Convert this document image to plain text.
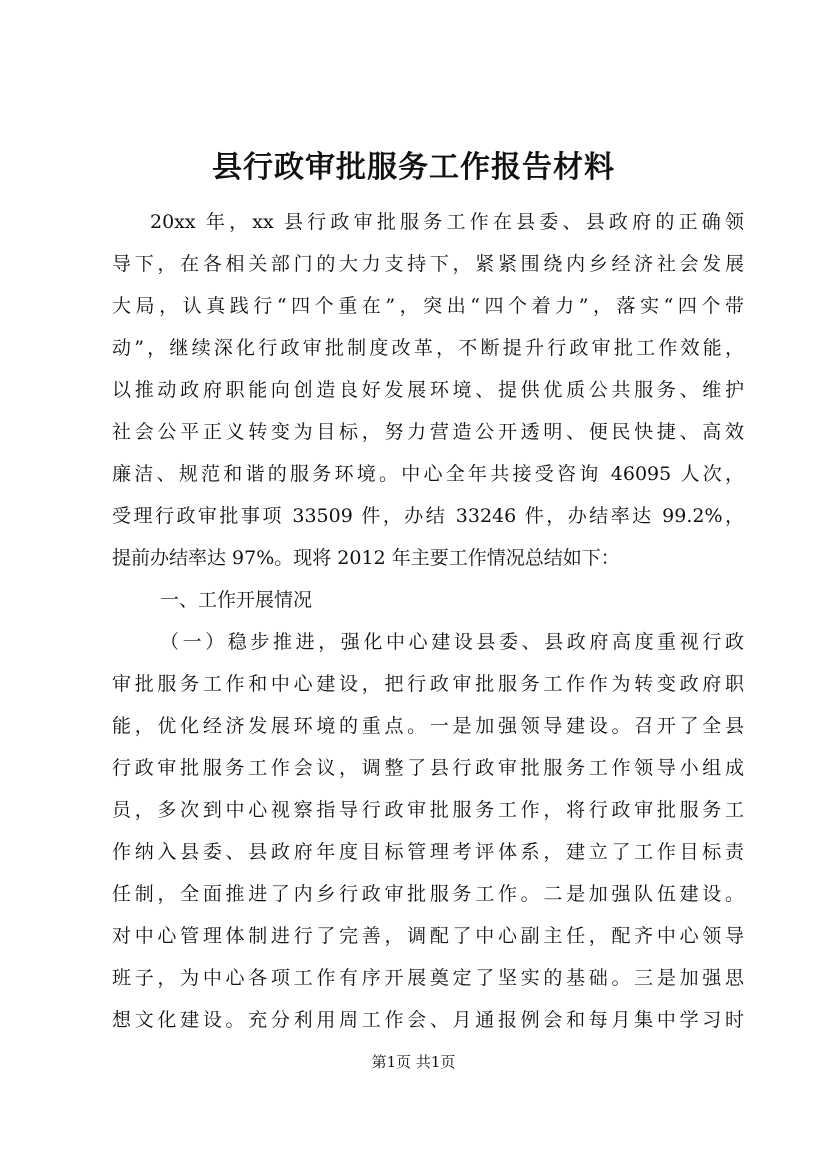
县行政审批服务工作报告材料
20xx 年，xx 县行政审批服务工作在县委、县政府的正确领
导下，在各相关部门的大力支持下，紧紧围绕内乡经济社会发展
大局，认真践行“四个重在”，突出“四个着力”，落实“四个带
动”，继续深化行政审批制度改革，不断提升行政审批工作效能，
以推动政府职能向创造良好发展环境、提供优质公共服务、维护
社会公平正义转变为目标，努力营造公开透明、便民快捷、高效
廉洁、规范和谐的服务环境。中心全年共接受咨询 46095 人次，
受理行政审批事项 33509 件，办结 33246 件，办结率达 99.2%，
提前办结率达 97%。现将 2012 年主要工作情况总结如下：
一、工作开展情况
（一）稳步推进，强化中心建设县委、县政府高度重视行政
审批服务工作和中心建设，把行政审批服务工作作为转变政府职
能，优化经济发展环境的重点。一是加强领导建设。召开了全县
行政审批服务工作会议，调整了县行政审批服务工作领导小组成
员，多次到中心视察指导行政审批服务工作，将行政审批服务工
作纳入县委、县政府年度目标管理考评体系，建立了工作目标责
任制，全面推进了内乡行政审批服务工作。二是加强队伍建设。
对中心管理体制进行了完善，调配了中心副主任，配齐中心领导
班子，为中心各项工作有序开展奠定了坚实的基础。三是加强思
想文化建设。充分利用周工作会、月通报例会和每月集中学习时
第1页 共1页
